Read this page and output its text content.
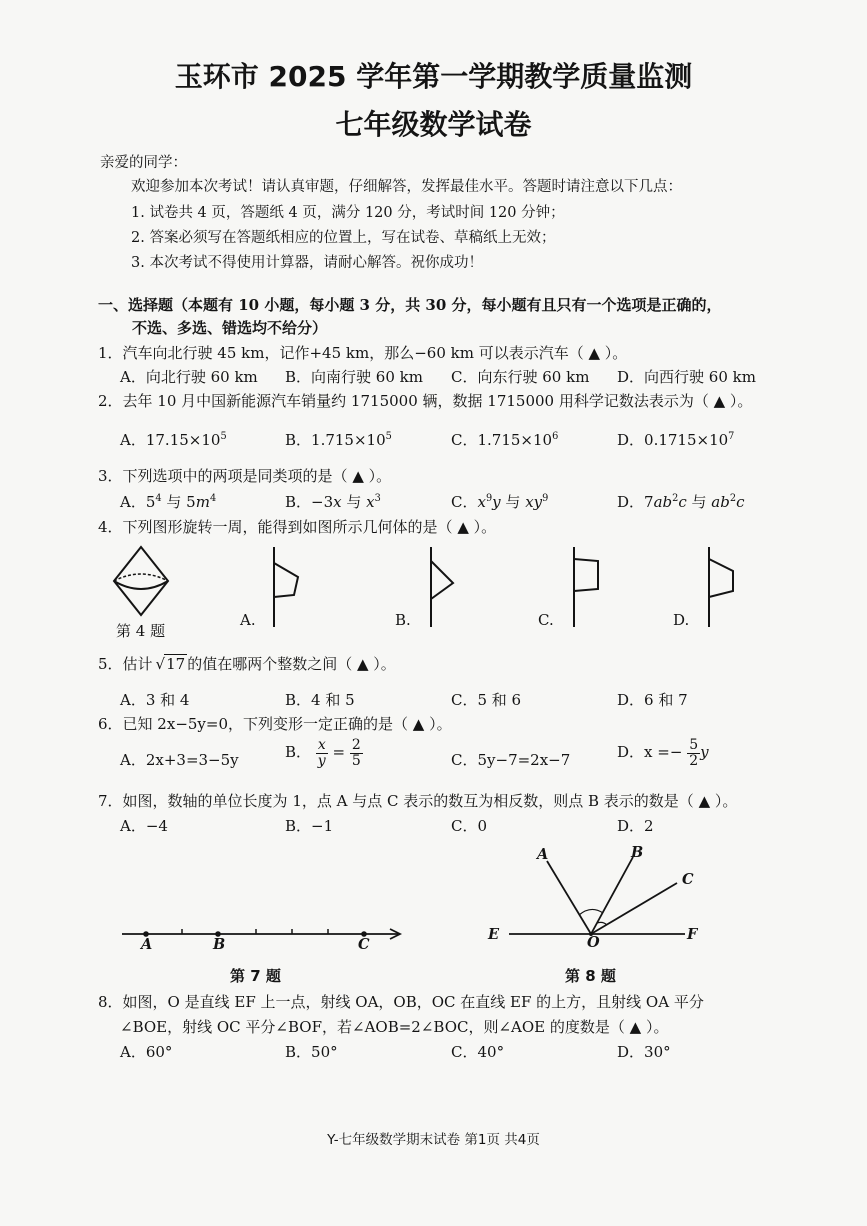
玉环市 2025 学年第一学期教学质量监测
七年级数学试卷
亲爱的同学：
欢迎参加本次考试！请认真审题，仔细解答，发挥最佳水平。答题时请注意以下几点：
1. 试卷共 4 页，答题纸 4 页，满分 120 分，考试时间 120 分钟；
2. 答案必须写在答题纸相应的位置上，写在试卷、草稿纸上无效；
3. 本次考试不得使用计算器，请耐心解答。祝你成功！
一、选择题（本题有 10 小题，每小题 3 分，共 30 分，每小题有且只有一个选项是正确的，
不选、多选、错选均不给分）
1．汽车向北行驶 45 km，记作+45 km，那么−60 km 可以表示汽车（ ▲ ）。
A．向北行驶 60 km B．向南行驶 60 km C．向东行驶 60 km D．向西行驶 60 km
2．去年 10 月中国新能源汽车销量约 1715000 辆，数据 1715000 用科学记数法表示为（ ▲ ）。
A．$17.15\times 10^5$	B．$1.715\times 10^5$	C．$1.715\times 10^6$	D．$0.1715\times 10^7$
3．下列选项中的两项是同类项的是（ ▲ ）。
A．$5^4$ 与 $5m^4$	B．−3x 与 $x^3$	C．$x^9y$ 与 $xy^9$	D．$7ab^2c$ 与 $ab^2c$
4．下列图形旋转一周，能得到如图所示几何体的是（ ▲ ）。
第 4 题
A.	B.	C.	D.
5．估计 √17 的值在哪两个整数之间（ ▲ ）。
A．3 和 4	B．4 和 5	C．5 和 6	D．6 和 7
6．已知 2x−5y=0，下列变形一定正确的是（ ▲ ）。
A．2x+3=3−5y	B． $\frac{x}{y} = \frac{2}{5}$	C．5y−7=2x−7	D．$x =- \frac{5}{2}$ y
7．如图，数轴的单位长度为 1，点 A 与点 C 表示的数互为相反数，则点 B 表示的数是（ ▲ ）。
A．−4	B．−1	C．0	D．2
A	B	C
第 7 题
A	B
C
E	O	F
第 8 题
8．如图，O 是直线 EF 上一点，射线 OA，OB，OC 在直线 EF 的上方，且射线 OA 平分
∠BOE，射线 OC 平分∠BOF，若∠AOB=2∠BOC，则∠AOE 的度数是（ ▲ ）。
A．60°	B．50°	C．40°	D．30°
Y-七年级数学期末试卷 第1页 共4页
